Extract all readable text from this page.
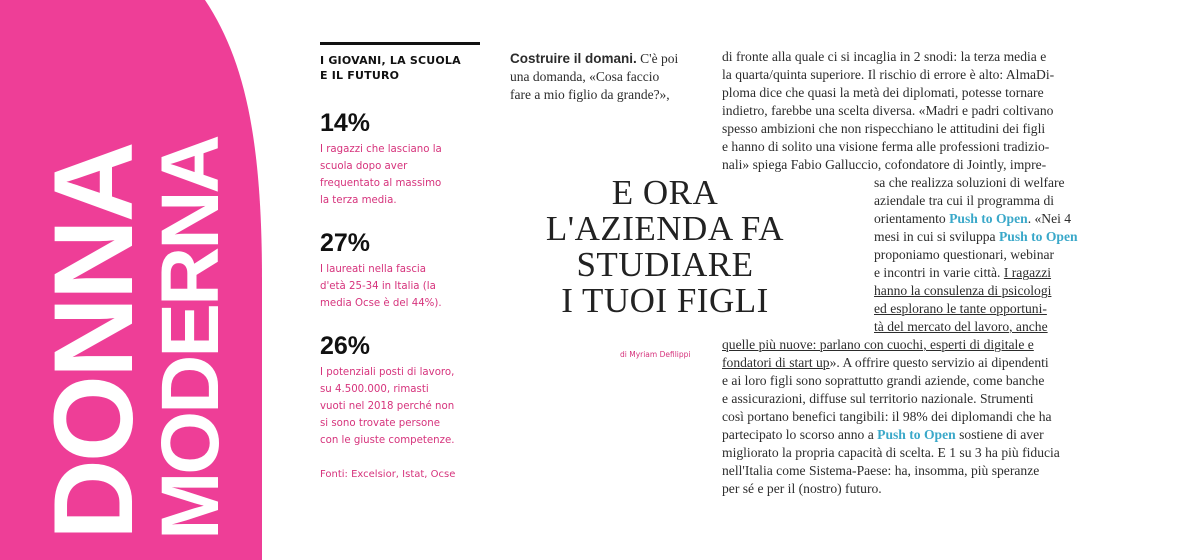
DONNA
MODERNA
I GIOVANI, LA SCUOLA
E IL FUTURO
14%
I ragazzi che lasciano la
scuola dopo aver
frequentato al massimo
la terza media.
27%
I laureati nella fascia
d'età 25-34 in Italia (la
media Ocse è del 44%).
26%
I potenziali posti di lavoro,
su 4.500.000, rimasti
vuoti nel 2018 perché non
si sono trovate persone
con le giuste competenze.
Fonti: Excelsior, Istat, Ocse
Costruire il domani. C'è poi
una domanda, «Cosa faccio
fare a mio figlio da grande?»,
E ORA
L'AZIENDA FA
STUDIARE
I TUOI FIGLI
di Myriam Defilippi
di fronte alla quale ci si incaglia in 2 snodi: la terza media e
la quarta/quinta superiore. Il rischio di errore è alto: AlmaDi-
ploma dice che quasi la metà dei diplomati, potesse tornare
indietro, farebbe una scelta diversa. «Madri e padri coltivano
spesso ambizioni che non rispecchiano le attitudini dei figli
e hanno di solito una visione ferma alle professioni tradizio-
nali» spiega Fabio Galluccio, cofondatore di Jointly, impre-
sa che realizza soluzioni di welfare
aziendale tra cui il programma di
orientamento Push to Open. «Nei 4
mesi in cui si sviluppa Push to Open
proponiamo questionari, webinar
e incontri in varie città. I ragazzi
hanno la consulenza di psicologi
ed esplorano le tante opportuni-
tà del mercato del lavoro, anche
quelle più nuove: parlano con cuochi, esperti di digitale e
fondatori di start up». A offrire questo servizio ai dipendenti
e ai loro figli sono soprattutto grandi aziende, come banche
e assicurazioni, diffuse sul territorio nazionale. Strumenti
così portano benefici tangibili: il 98% dei diplomandi che ha
partecipato lo scorso anno a Push to Open sostiene di aver
migliorato la propria capacità di scelta. E 1 su 3 ha più fiducia
nell'Italia come Sistema-Paese: ha, insomma, più speranze
per sé e per il (nostro) futuro.
